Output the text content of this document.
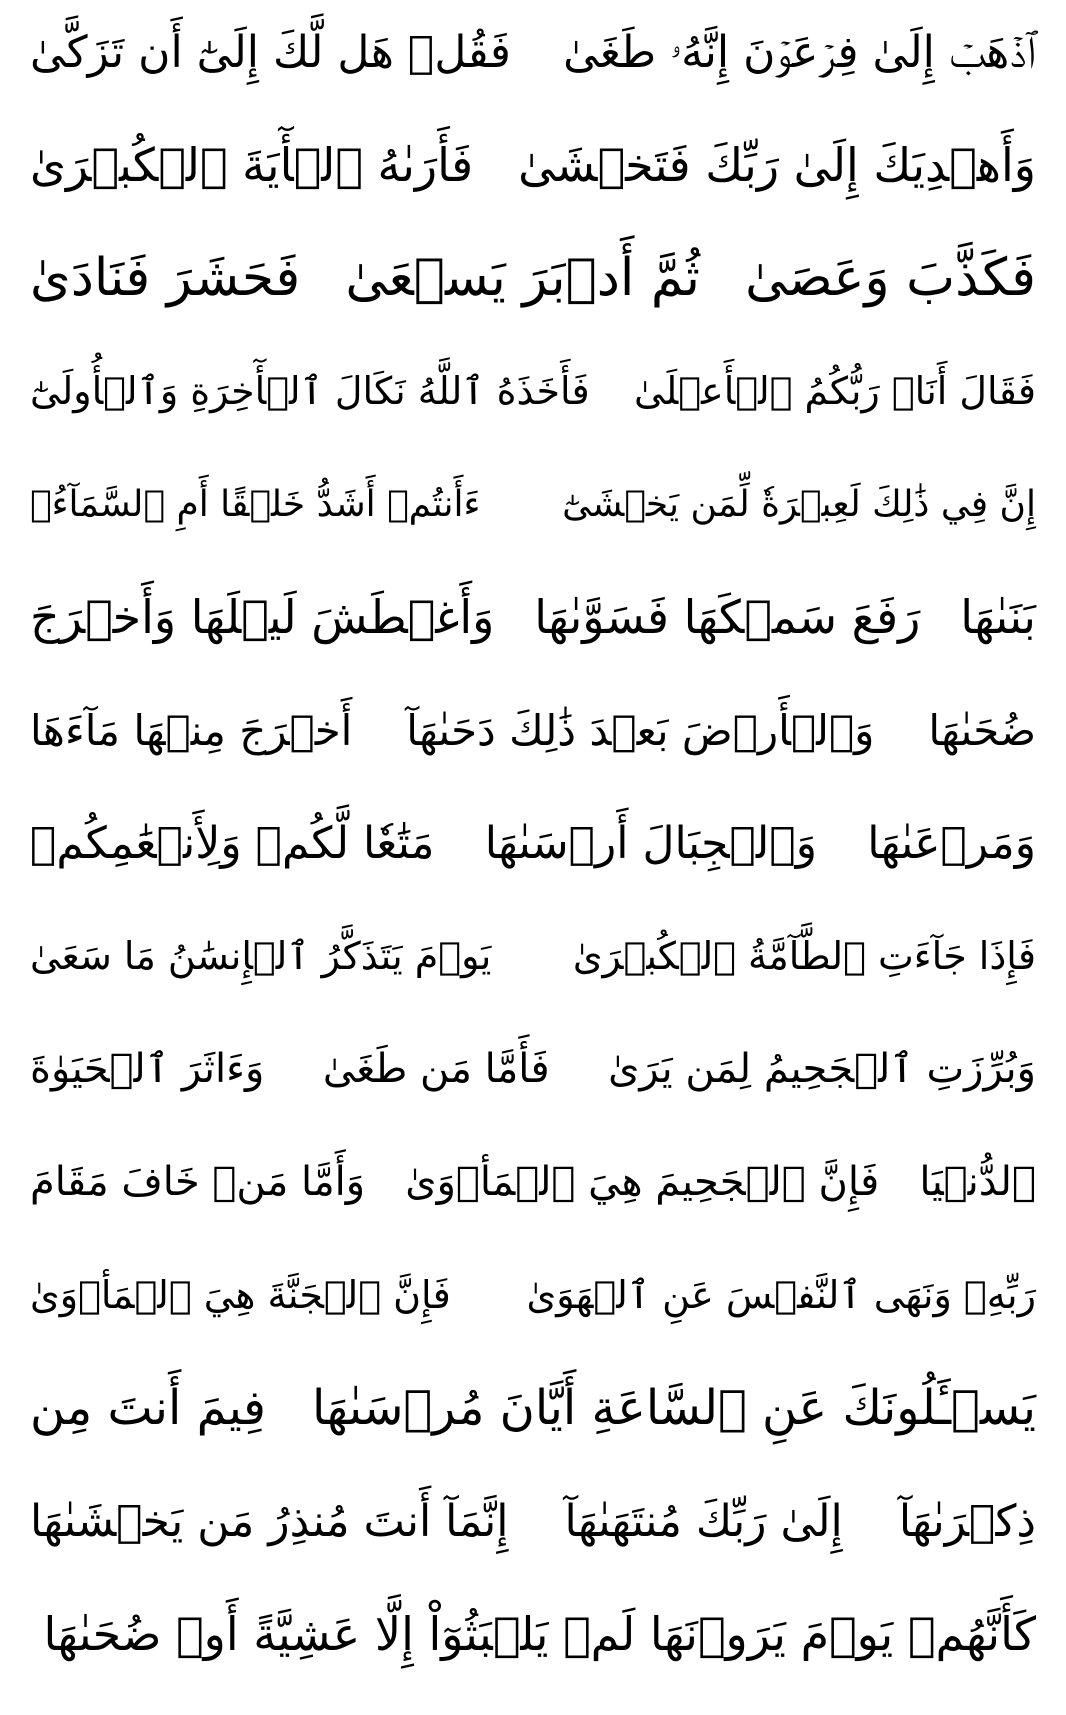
ٱذۡهَبۡ إِلَىٰ فِرۡعَوۡنَ إِنَّهُۥ طَغَىٰ
فَقُلۡ هَل لَّكَ إِلَىٰٓ أَن تَزَكَّىٰ
وَأَهۡدِيَكَ إِلَىٰ رَبِّكَ فَتَخۡشَىٰ
فَأَرَىٰهُ ٱلۡأٓيَةَ ٱلۡكُبۡرَىٰ
فَكَذَّبَ وَعَصَىٰ
ثُمَّ أَدۡبَرَ يَسۡعَىٰ
فَحَشَرَ فَنَادَىٰ
فَقَالَ أَنَا۠ رَبُّكُمُ ٱلۡأَعۡلَىٰ
فَأَخَذَهُ ٱللَّهُ نَكَالَ ٱلۡأٓخِرَةِ وَٱلۡأُولَىٰٓ
إِنَّ فِي ذَٰلِكَ لَعِبۡرَةٗ لِّمَن يَخۡشَىٰٓ
ءَأَنتُمۡ أَشَدُّ خَلۡقًا أَمِ ٱلسَّمَآءُۚ
بَنَىٰهَا
رَفَعَ سَمۡكَهَا فَسَوَّىٰهَا
وَأَغۡطَشَ لَيۡلَهَا وَأَخۡرَجَ
ضُحَىٰهَا
وَٱلۡأَرۡضَ بَعۡدَ ذَٰلِكَ دَحَىٰهَآ
أَخۡرَجَ مِنۡهَا مَآءَهَا
وَمَرۡعَىٰهَا
وَٱلۡجِبَالَ أَرۡسَىٰهَا
مَتَٰعٗا لَّكُمۡ وَلِأَنۡعَٰمِكُمۡ
فَإِذَا جَآءَتِ ٱلطَّآمَّةُ ٱلۡكُبۡرَىٰ
يَوۡمَ يَتَذَكَّرُ ٱلۡإِنسَٰنُ مَا سَعَىٰ
وَبُرِّزَتِ ٱلۡجَحِيمُ لِمَن يَرَىٰ
فَأَمَّا مَن طَغَىٰ
وَءَاثَرَ ٱلۡحَيَوٰةَ
ٱلدُّنۡيَا
فَإِنَّ ٱلۡجَحِيمَ هِيَ ٱلۡمَأۡوَىٰ
وَأَمَّا مَنۡ خَافَ مَقَامَ
رَبِّهِۦ وَنَهَى ٱلنَّفۡسَ عَنِ ٱلۡهَوَىٰ
فَإِنَّ ٱلۡجَنَّةَ هِيَ ٱلۡمَأۡوَىٰ
يَسۡـَٔلُونَكَ عَنِ ٱلسَّاعَةِ أَيَّانَ مُرۡسَىٰهَا
فِيمَ أَنتَ مِن
ذِكۡرَىٰهَآ
إِلَىٰ رَبِّكَ مُنتَهَىٰهَآ
إِنَّمَآ أَنتَ مُنذِرُ مَن يَخۡشَىٰهَا
كَأَنَّهُمۡ يَوۡمَ يَرَوۡنَهَا لَمۡ يَلۡبَثُوٓاْ إِلَّا عَشِيَّةً أَوۡ ضُحَىٰهَا
